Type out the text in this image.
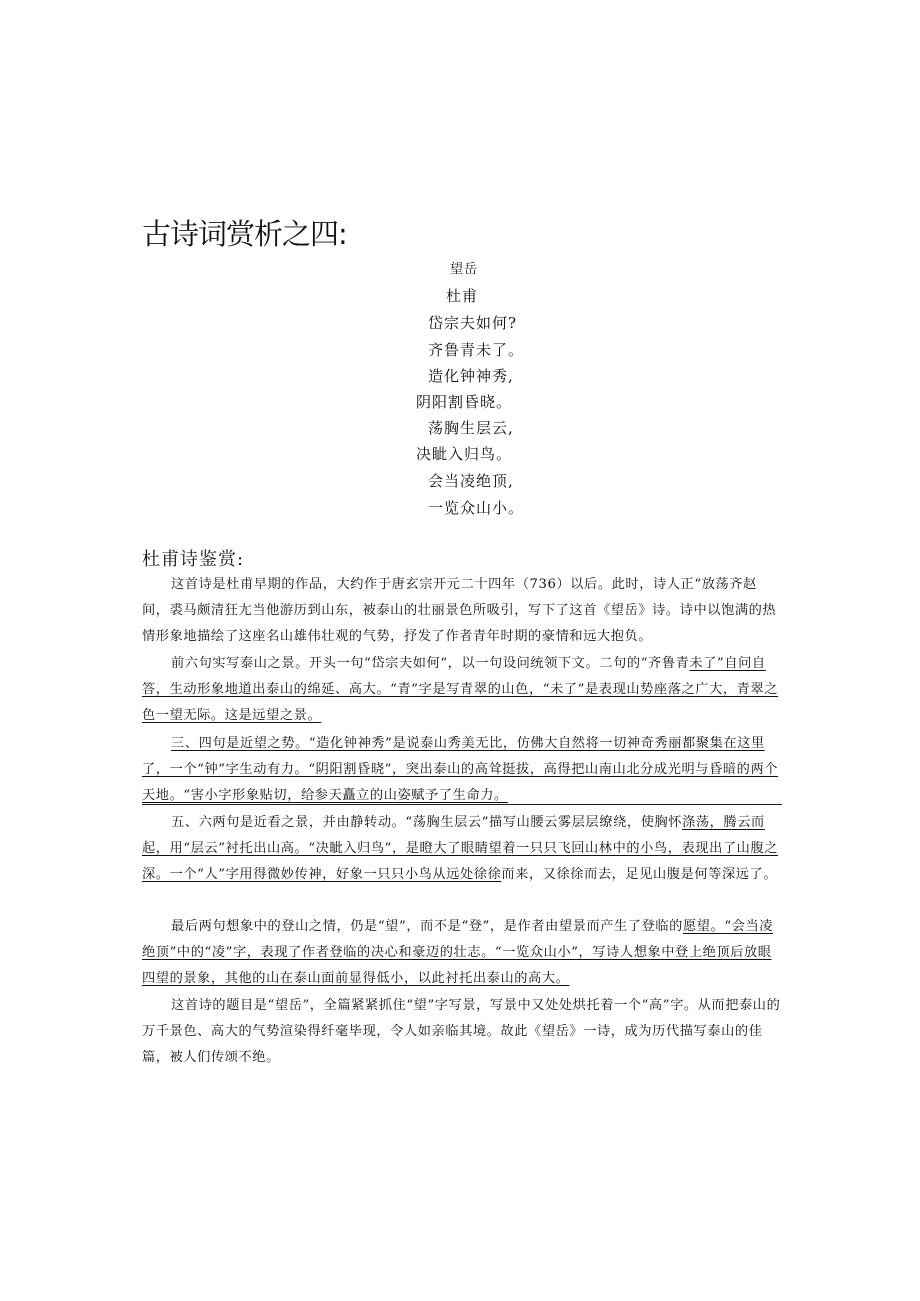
古诗词赏析之四:
望岳
杜甫
岱宗夫如何?
齐鲁青未了。
造化钟神秀,
阴阳割昏晓。
荡胸生层云,
决眦入归鸟。
会当凌绝顶,
一览众山小。
杜甫诗鉴赏:

这首诗是杜甫早期的作品，大约作于唐玄宗开元二十四年（736）以后。此时，诗人正“放荡齐赵间，裘马颇清狂尢当他游历到山东，被泰山的壮丽景色所吸引，写下了这首《望岳》诗。诗中以饱满的热情形象地描绘了这座名山雄伟壮观的气势，抒发了作者青年时期的豪情和远大抱负。

前六句实写泰山之景。开头一句“岱宗夫如何“，以一句设问统领下文。二句的“齐鲁青未了”自问自答，生动形象地道出泰山的绵延、高大。“青”字是写青翠的山色，“未了”是表现山势座落之广大，青翠之色一望无际。这是远望之景。

三、四句是近望之势。“造化钟神秀”是说泰山秀美无比，仿佛大自然将一切神奇秀丽都聚集在这里了，一个“钟”字生动有力。“阴阳割昏晓”，突出泰山的高耸挺拔，高得把山南山北分成光明与昏暗的两个天地。“害小字形象贴切，给参天矗立的山姿赋予了生命力。

五、六两句是近看之景，并由静转动。“荡胸生层云”描写山腰云雾层层缭绕，使胸怀涤荡，腾云而起，用“层云”衬托出山高。“决眦入归鸟”，是瞪大了眼睛望着一只只飞回山林中的小鸟，表现出了山腹之深。一个“人”字用得微妙传神，好象一只只小鸟从远处徐徐而来，又徐徐而去，足见山腹是何等深远了。

最后两句想象中的登山之情，仍是“望”，而不是“登”，是作者由望景而产生了登临的愿望。“会当凌绝顶”中的“凌”字，表现了作者登临的决心和豪迈的壮志。“一览众山小”，写诗人想象中登上绝顶后放眼四望的景象，其他的山在泰山面前显得低小，以此衬托出泰山的高大。

这首诗的题目是“望岳”，全篇紧紧抓住“望”字写景，写景中又处处烘托着一个“高”字。从而把泰山的万千景色、高大的气势渲染得纤毫毕现，令人如亲临其境。故此《望岳》一诗，成为历代描写泰山的佳篇，被人们传颂不绝。
